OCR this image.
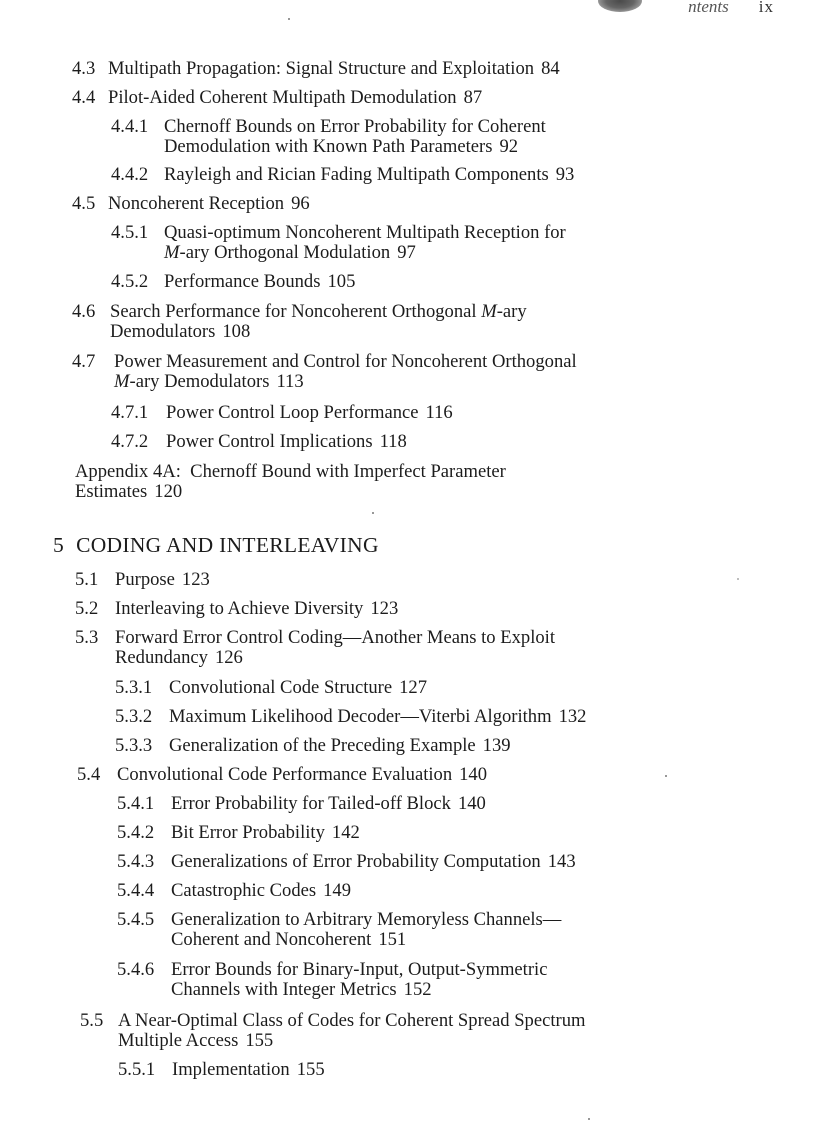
ntents ix
4.3 Multipath Propagation: Signal Structure and Exploitation 84
4.4 Pilot-Aided Coherent Multipath Demodulation 87
4.4.1 Chernoff Bounds on Error Probability for Coherent
Demodulation with Known Path Parameters 92
4.4.2 Rayleigh and Rician Fading Multipath Components 93
4.5 Noncoherent Reception 96
4.5.1 Quasi-optimum Noncoherent Multipath Reception for
M-ary Orthogonal Modulation 97
4.5.2 Performance Bounds 105
4.6 Search Performance for Noncoherent Orthogonal M-ary
Demodulators 108
4.7 Power Measurement and Control for Noncoherent Orthogonal
M-ary Demodulators 113
4.7.1 Power Control Loop Performance 116
4.7.2 Power Control Implications 118
Appendix 4A:  Chernoff Bound with Imperfect Parameter
Estimates 120
5 CODING AND INTERLEAVING
5.1 Purpose 123
5.2 Interleaving to Achieve Diversity 123
5.3 Forward Error Control Coding—Another Means to Exploit
Redundancy 126
5.3.1 Convolutional Code Structure 127
5.3.2 Maximum Likelihood Decoder—Viterbi Algorithm 132
5.3.3 Generalization of the Preceding Example 139
5.4 Convolutional Code Performance Evaluation 140
5.4.1 Error Probability for Tailed-off Block 140
5.4.2 Bit Error Probability 142
5.4.3 Generalizations of Error Probability Computation 143
5.4.4 Catastrophic Codes 149
5.4.5 Generalization to Arbitrary Memoryless Channels—
Coherent and Noncoherent 151
5.4.6 Error Bounds for Binary-Input, Output-Symmetric
Channels with Integer Metrics 152
5.5 A Near-Optimal Class of Codes for Coherent Spread Spectrum
Multiple Access 155
5.5.1 Implementation 155
